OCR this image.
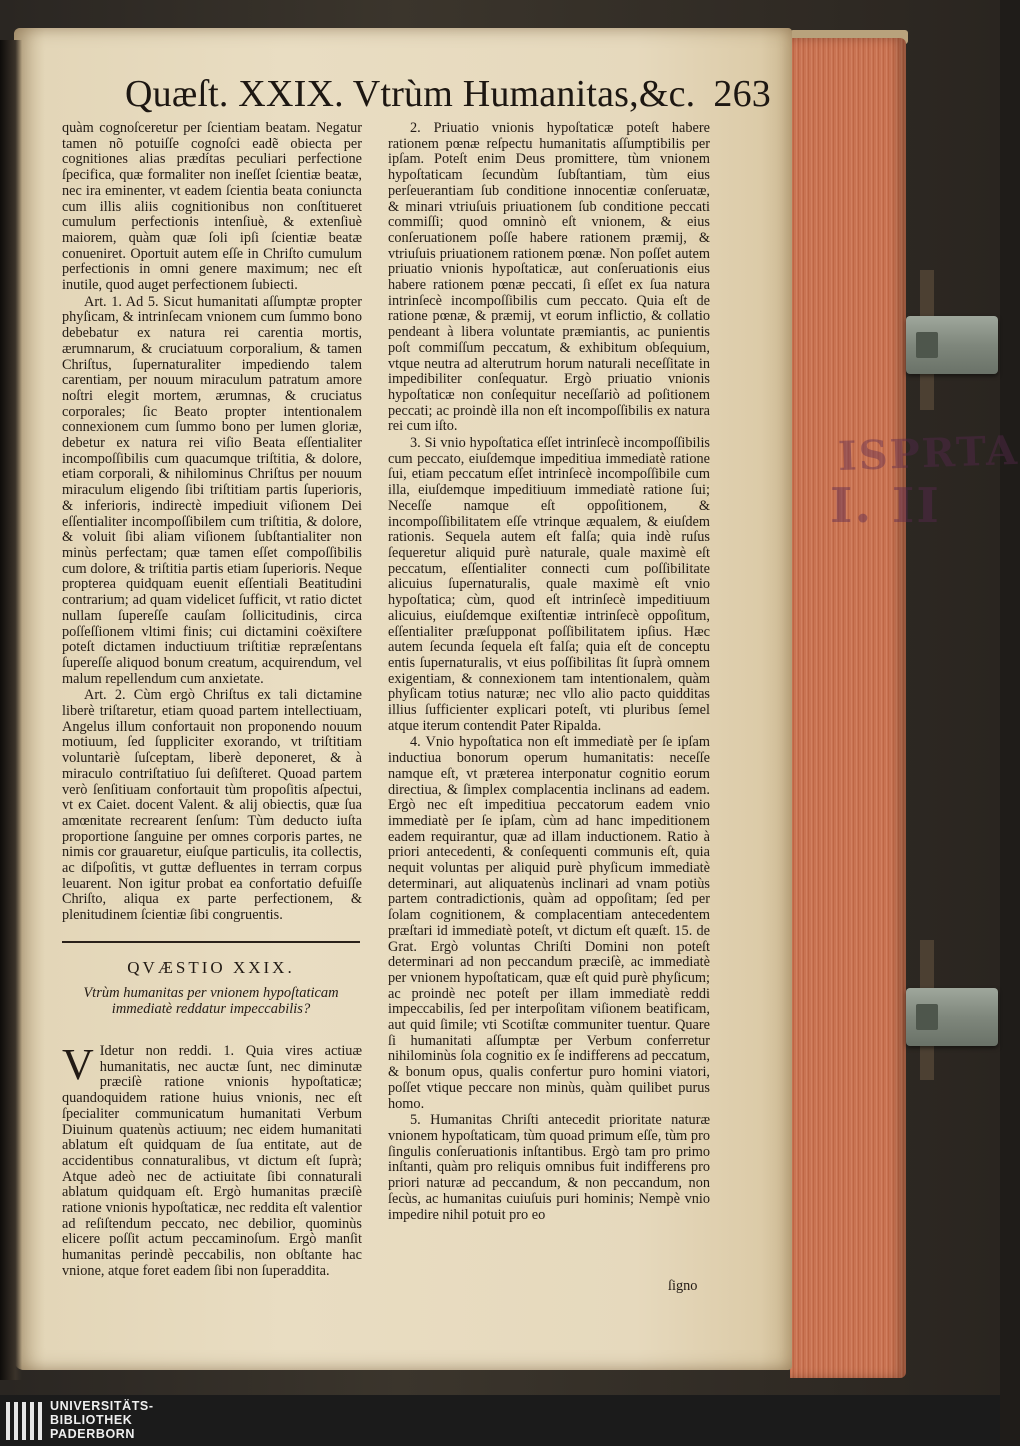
ISPRTA
I. II
Quæſt. XXIX. Vtrùm Humanitas,&c. 263

quàm cognoſceretur per ſcientiam beatam. Negatur tamen nõ potuiſſe cognoſci eadẽ obiecta per cognitiones alias prædítas peculiari perfectione ſpecifica, quæ formaliter non ineſſet ſcientiæ beatæ, nec ira eminenter, vt eadem ſcientia beata coniuncta cum illis aliis cognitionibus non conſtitueret cumulum perfectionis intenſiuè, & extenſiuè maiorem, quàm quæ ſoli ipſi ſcientiæ beatæ conueniret. Oportuit autem eſſe in Chriſto cumulum perfectionis in omni genere maximum; nec eſt inutile, quod auget perfectionem ſubiecti.

Art. 1. Ad 5. Sicut humanitati aſſumptæ propter phyſicam, & intrinſecam vnionem cum ſummo bono debebatur ex natura rei carentia mortis, ærumnarum, & cruciatuum corporalium, & tamen Chriſtus, ſupernaturaliter impediendo talem carentiam, per nouum miraculum patratum amore noſtri elegit mortem, ærumnas, & cruciatus corporales; ſic Beato propter intentionalem connexionem cum ſummo bono per lumen gloriæ, debetur ex natura rei viſio Beata eſſentialiter incompoſſibilis cum quacumque triſtitia, & dolore, etiam corporali, & nihilominus Chriſtus per nouum miraculum eligendo ſibi triſtitiam partis ſuperioris, & inferioris, indirectè impediuit viſionem Dei eſſentialiter incompoſſibilem cum triſtitia, & dolore, & voluit ſibi aliam viſionem ſubſtantialiter non minùs perfectam; quæ tamen eſſet compoſſibilis cum dolore, & triſtitia partis etiam ſuperioris. Neque propterea quidquam euenit eſſentiali Beatitudini contrarium; ad quam videlicet ſufficit, vt ratio dictet nullam ſupereſſe cauſam ſollicitudinis, circa poſſeſſionem vltimi finis; cui dictamini coëxiſtere poteſt dictamen inductiuum triſtitiæ repræſentans ſupereſſe aliquod bonum creatum, acquirendum, vel malum repellendum cum anxietate.

Art. 2. Cùm ergò Chriſtus ex tali dictamine liberè triſtaretur, etiam quoad partem intellectiuam, Angelus illum confortauit non proponendo nouum motiuum, ſed ſuppliciter exorando, vt triſtitiam voluntariè ſuſceptam, liberè deponeret, & à miraculo contriſtatiuo ſui deſiſteret. Quoad partem verò ſenſitiuam confortauit tùm propoſitis aſpectui, vt ex Caiet. docent Valent. & alij obiectis, quæ ſua amœnitate recrearent ſenſum: Tùm deducto iuſta proportione ſanguine per omnes corporis partes, ne nimis cor grauaretur, eiuſque particulis, ita collectis, ac diſpoſitis, vt guttæ defluentes in terram corpus leuarent. Non igitur probat ea confortatio defuiſſe Chriſto, aliqua ex parte perfectionem, & plenitudinem ſcientiæ ſibi congruentis.

QVÆSTIO XXIX.
Vtrùm humanitas per vnionem hypoſtaticam immediatè reddatur impeccabilis?

V Idetur non reddi. 1. Quia vires actiuæ humanitatis, nec auctæ ſunt, nec diminutæ præciſè ratione vnionis hypoſtaticæ; quandoquidem ratione huius vnionis, nec eſt ſpecialiter communicatum humanitati Verbum Diuinum quatenùs actiuum; nec eidem humanitati ablatum eſt quidquam de ſua entitate, aut de accidentibus connaturalibus, vt dictum eſt ſuprà; Atque adeò nec de actiuitate ſibi connaturali ablatum quidquam eſt. Ergò humanitas præciſè ratione vnionis hypoſtaticæ, nec reddita eſt valentior ad reſiſtendum peccato, nec debilior, quominùs elicere poſſit actum peccaminoſum. Ergò manſit humanitas perindè peccabilis, non obſtante hac vnione, atque foret eadem ſibi non ſuperaddita.

2. Priuatio vnionis hypoſtaticæ poteſt habere rationem pœnæ reſpectu humanitatis aſſumptibilis per ipſam. Poteſt enim Deus promittere, tùm vnionem hypoſtaticam ſecundùm ſubſtantiam, tùm eius perſeuerantiam ſub conditione innocentiæ conſeruatæ, & minari vtriuſuis priuationem ſub conditione peccati commiſſi; quod omninò eſt vnionem, & eius conſeruationem poſſe habere rationem præmij, & vtriuſuis priuationem rationem pœnæ. Non poſſet autem priuatio vnionis hypoſtaticæ, aut conſeruationis eius habere rationem pœnæ peccati, ſi eſſet ex ſua natura intrinſecè incompoſſibilis cum peccato. Quia eſt de ratione pœnæ, & præmij, vt eorum inflictio, & collatio pendeant à libera voluntate præmiantis, ac punientis poſt commiſſum peccatum, & exhibitum obſequium, vtque neutra ad alterutrum horum naturali neceſſitate in impedibiliter conſequatur. Ergò priuatio vnionis hypoſtaticæ non conſequitur neceſſariò ad poſitionem peccati; ac proindè illa non eſt incompoſſibilis ex natura rei cum iſto.

3. Si vnio hypoſtatica eſſet intrinſecè incompoſſibilis cum peccato, eiuſdemque impeditiua immediatè ratione ſui, etiam peccatum eſſet intrinſecè incompoſſibile cum illa, eiuſdemque impeditiuum immediatè ratione ſui; Neceſſe namque eſt oppoſitionem, & incompoſſibilitatem eſſe vtrinque æqualem, & eiuſdem rationis. Sequela autem eſt falſa; quia indè ruſus ſequeretur aliquid purè naturale, quale maximè eſt peccatum, eſſentialiter connecti cum poſſibilitate alicuius ſupernaturalis, quale maximè eſt vnio hypoſtatica; cùm, quod eſt intrinſecè impeditiuum alicuius, eiuſdemque exiſtentiæ intrinſecè oppoſitum, eſſentialiter præſupponat poſſibilitatem ipſius. Hæc autem ſecunda ſequela eſt falſa; quia eſt de conceptu entis ſupernaturalis, vt eius poſſibilitas ſit ſuprà omnem exigentiam, & connexionem tam intentionalem, quàm phyſicam totius naturæ; nec vllo alio pacto quidditas illius ſufficienter explicari poteſt, vti pluribus ſemel atque iterum contendit Pater Ripalda.

4. Vnio hypoſtatica non eſt immediatè per ſe ipſam inductiua bonorum operum humanitatis: neceſſe namque eſt, vt præterea interponatur cognitio eorum directiua, & ſimplex complacentia inclinans ad eadem. Ergò nec eſt impeditiua peccatorum eadem vnio immediatè per ſe ipſam, cùm ad hanc impeditionem eadem requirantur, quæ ad illam inductionem. Ratio à priori antecedenti, & conſequenti communis eſt, quia nequit voluntas per aliquid purè phyſicum immediatè determinari, aut aliquatenùs inclinari ad vnam potiùs partem contradictionis, quàm ad oppoſitam; ſed per ſolam cognitionem, & complacentiam antecedentem præſtari id immediatè poteſt, vt dictum eſt quæſt. 15. de Grat. Ergò voluntas Chriſti Domini non poteſt determinari ad non peccandum præciſè, ac immediatè per vnionem hypoſtaticam, quæ eſt quid purè phyſicum; ac proindè nec poteſt per illam immediatè reddi impeccabilis, ſed per interpoſitam viſionem beatificam, aut quid ſimile; vti Scotiſtæ communiter tuentur. Quare ſi humanitati aſſumptæ per Verbum conferretur nihilominùs ſola cognitio ex ſe indifferens ad peccatum, & bonum opus, qualis confertur puro homini viatori, poſſet vtique peccare non minùs, quàm quilibet purus homo.

5. Humanitas Chriſti antecedit prioritate naturæ vnionem hypoſtaticam, tùm quoad primum eſſe, tùm pro ſingulis conſeruationis inſtantibus. Ergò tam pro primo inſtanti, quàm pro reliquis omnibus fuit indifferens pro priori naturæ ad peccandum, & non peccandum, non ſecùs, ac humanitas cuiuſuis puri hominis; Nempè vnio impedire nihil potuit pro eo

ſigno
UNIVERSITÄTS-
BIBLIOTHEK
PADERBORN
